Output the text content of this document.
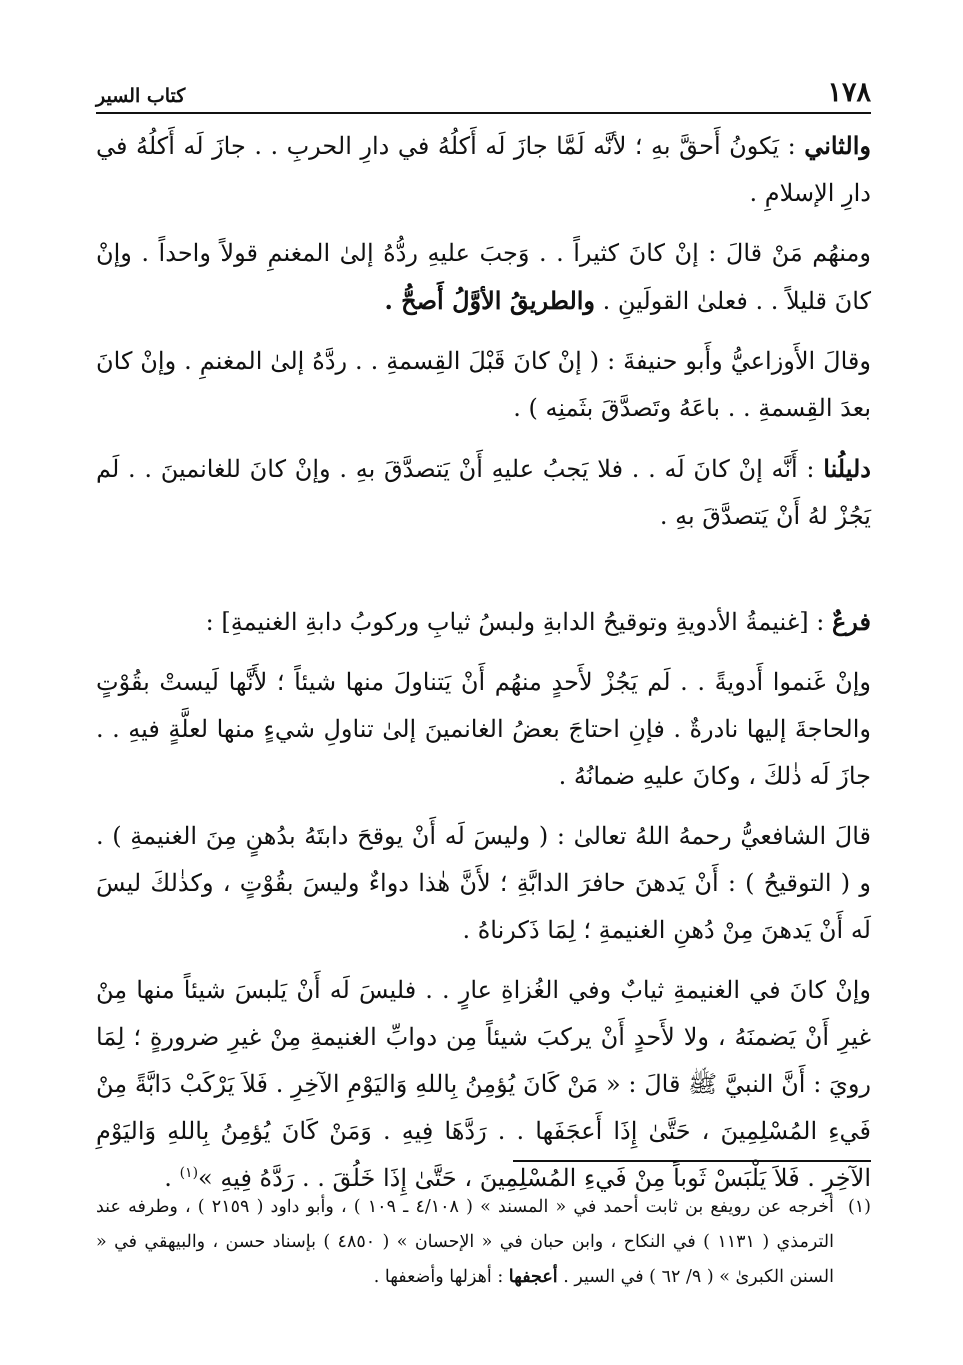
١٧٨
كتاب السير

والثاني : يَكونُ أَحقَّ بهِ ؛ لأنَّه لَمَّا جازَ لَه أَكلُهُ في دارِ الحربِ . . جازَ لَه أَكلُهُ في دارِ الإسلامِ .

ومنهُم مَنْ قالَ : إنْ كانَ كثيراً . . وَجبَ عليهِ ردُّهُ إلىٰ المغنمِ قولاً واحداً . وإنْ كانَ قليلاً . . فعلىٰ القولَينِ . والطريقُ الأوَّلُ أَصحُّ .

وقالَ الأَوزاعيُّ وأَبو حنيفةَ : ( إنْ كانَ قَبْلَ القِسمةِ . . ردَّهُ إلىٰ المغنمِ . وإنْ كانَ بعدَ القِسمةِ . . باعَهُ وتَصدَّقَ بثَمنِه ) .

دليلُنا : أَنَّه إنْ كانَ لَه . . فلا يَجبُ عليهِ أَنْ يَتصدَّقَ بهِ . وإنْ كانَ للغانمينَ . . لَم يَجُزْ لهُ أَنْ يَتصدَّقَ بهِ .

فرعٌ : [غنيمةُ الأدويةِ وتوقيحُ الدابةِ ولبسُ ثيابِ وركوبُ دابةِ الغنيمةِ] :

وإنْ غَنموا أَدويةً . . لَم يَجُزْ لأَحدٍ منهُم أَنْ يَتناولَ منها شيئاً ؛ لأَنَّها لَيستْ بقُوْتٍ والحاجةَ إليها نادرةٌ . فإنِ احتاجَ بعضُ الغانمينَ إلىٰ تناولِ شيءٍ منها لعلَّةٍ فيهِ . . جازَ لَه ذٰلكَ ، وكانَ عليهِ ضمانُهُ .

قالَ الشافعيُّ رحمهُ اللهُ تعالىٰ : ( وليسَ لَه أَنْ يوقحَ دابتَهُ بدُهنٍ مِنَ الغنيمةِ ) . و ( التوقيحُ ) : أَنْ يَدهنَ حافرَ الدابَّةِ ؛ لأَنَّ هٰذا دواءٌ وليسَ بقُوْتٍ ، وكذٰلكَ ليسَ لَه أَنْ يَدهنَ مِنْ دُهنِ الغنيمةِ ؛ لِمَا ذَكرناهُ .

وإنْ كانَ في الغنيمةِ ثيابٌ وفي الغُزاةِ عارٍ . . فليسَ لَه أَنْ يَلبسَ شيئاً منها مِنْ غيرِ أَنْ يَضمنَهُ ، ولا لأَحدٍ أَنْ يركبَ شيئاً مِن دوابِّ الغنيمةِ مِنْ غيرِ ضرورةٍ ؛ لِمَا رويَ : أَنَّ النبيَّ ﷺ قالَ : « مَنْ كَانَ يُؤمِنُ بِاللهِ وَاليَوْمِ الآخِرِ . فَلاَ يَرْكَبْ دَابَّةً مِنْ فَيءِ المُسْلِمِينَ ، حَتَّىٰ إِذَا أَعجَفَها . . رَدَّهَا فِيهِ . وَمَنْ كَانَ يُؤمِنُ بِاللهِ وَاليَوْمِ الآخِرِ . فَلاَ يَلْبَسْ ثَوباً مِنْ فَيءِ المُسْلِمِينَ ، حَتَّىٰ إِذَا خَلُقَ . . رَدَّهُ فِيهِ »$^{(١)}$ .

(١)
أخرجه عن رويفع بن ثابت أحمد في « المسند » ( ٤/١٠٨ ـ ١٠٩ ) ، وأبو داود ( ٢١٥٩ ) ، وطرفه عند الترمذي ( ١١٣١ ) في النكاح ، وابن حبان في « الإحسان » ( ٤٨٥٠ ) بإسناد حسن ، والبيهقي في « السنن الكبرىٰ » ( ٩/ ٦٢ ) في السير . أعجفها : أهزلها وأضعفها .
